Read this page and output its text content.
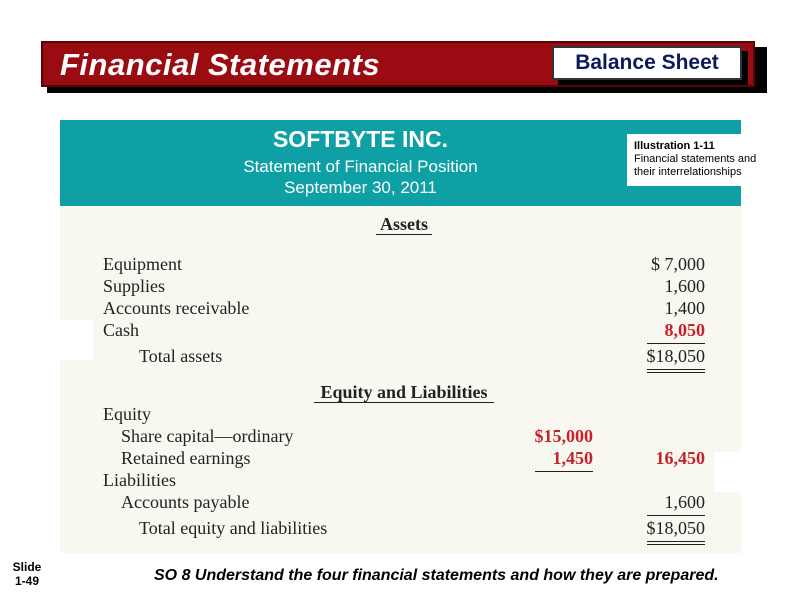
Financial Statements	Balance Sheet
SOFTBYTE INC.
Statement of Financial Position
September 30, 2011
Assets
Equipment	$ 7,000
Supplies	1,600
Accounts receivable	1,400
Cash	8,050
Total assets	$18,050
Equity and Liabilities
Equity
Share capital—ordinary	$15,000
Retained earnings	1,450	16,450
Liabilities
Accounts payable	1,600
Total equity and liabilities	$18,050
Illustration 1-11
Financial statements and
their interrelationships
Slide
1-49	SO 8 Understand the four financial statements and how they are prepared.
